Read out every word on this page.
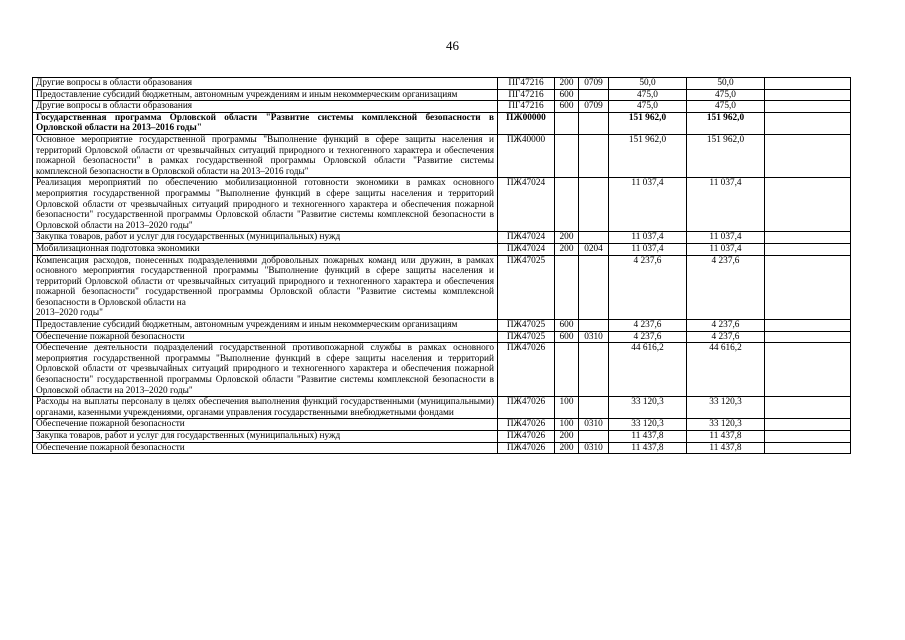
46
Другие вопросы в области образования	ПГ47216	200	0709	50,0	50,0	
Предоставление субсидий бюджетным, автономным учреждениям и иным некоммерческим организациям	ПГ47216	600		475,0	475,0	
Другие вопросы в области образования	ПГ47216	600	0709	475,0	475,0	
Государственная программа Орловской области "Развитие системы комплексной безопасности в Орловской области на 2013–2016 годы"	ПЖ00000			151 962,0	151 962,0	
Основное мероприятие государственной программы "Выполнение функций в сфере защиты населения и территорий Орловской области от чрезвычайных ситуаций природного и техногенного характера и обеспечения пожарной безопасности" в рамках государственной программы Орловской области "Развитие системы комплексной безопасности в Орловской области на 2013–2016 годы"	ПЖ40000			151 962,0	151 962,0	
Реализация мероприятий по обеспечению мобилизационной готовности экономики в рамках основного мероприятия государственной программы "Выполнение функций в сфере защиты населения и территорий Орловской области от чрезвычайных ситуаций природного и техногенного характера и обеспечения пожарной безопасности" государственной программы Орловской области "Развитие системы комплексной безопасности в Орловской области на 2013–2020 годы"	ПЖ47024			11 037,4	11 037,4	
Закупка товаров, работ и услуг для государственных (муниципальных) нужд	ПЖ47024	200		11 037,4	11 037,4	
Мобилизационная подготовка экономики	ПЖ47024	200	0204	11 037,4	11 037,4	
Компенсация расходов, понесенных подразделениями добровольных пожарных команд или дружин, в рамках основного мероприятия государственной программы "Выполнение функций в сфере защиты населения и территорий Орловской области от чрезвычайных ситуаций природного и техногенного характера и обеспечения пожарной безопасности" государственной программы Орловской области "Развитие системы комплексной безопасности в Орловской области на
2013–2020 годы"	ПЖ47025			4 237,6	4 237,6	
Предоставление субсидий бюджетным, автономным учреждениям и иным некоммерческим организациям	ПЖ47025	600		4 237,6	4 237,6	
Обеспечение пожарной безопасности	ПЖ47025	600	0310	4 237,6	4 237,6	
Обеспечение деятельности подразделений государственной противопожарной службы в рамках основного мероприятия государственной программы "Выполнение функций в сфере защиты населения и территорий Орловской области от чрезвычайных ситуаций природного и техногенного характера и обеспечения пожарной безопасности" государственной программы Орловской области "Развитие системы комплексной безопасности в Орловской области на 2013–2020 годы"	ПЖ47026			44 616,2	44 616,2	
Расходы на выплаты персоналу в целях обеспечения выполнения функций государственными (муниципальными) органами, казенными учреждениями, органами управления государственными внебюджетными фондами	ПЖ47026	100		33 120,3	33 120,3	
Обеспечение пожарной безопасности	ПЖ47026	100	0310	33 120,3	33 120,3	
Закупка товаров, работ и услуг для государственных (муниципальных) нужд	ПЖ47026	200		11 437,8	11 437,8	
Обеспечение пожарной безопасности	ПЖ47026	200	0310	11 437,8	11 437,8	
